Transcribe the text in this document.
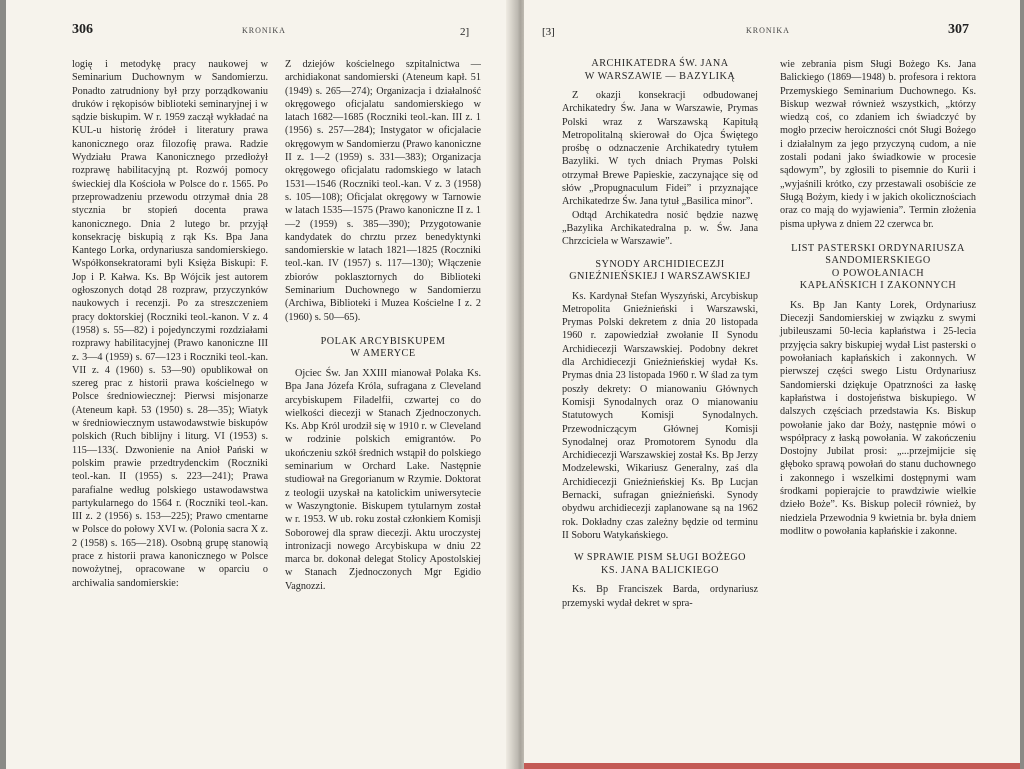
306	KRONIKA	2]

logię i metodykę pracy naukowej w Seminarium Duchownym w Sandomierzu. Ponadto zatrudniony był przy porządkowaniu druków i rękopisów biblioteki seminaryjnej i w sądzie biskupim. W r. 1959 zaczął wykładać na KUL-u historię źródeł i literatury prawa kanonicznego oraz filozofię prawa. Radzie Wydziału Prawa Kanonicznego przedłożył rozprawę habilitacyjną pt. Rozwój pomocy świeckiej dla Kościoła w Polsce do r. 1565. Po przeprowadzeniu przewodu otrzymał dnia 28 stycznia br stopień docenta prawa kanonicznego. Dnia 2 lutego br. przyjął konsekrację biskupią z rąk Ks. Bpa Jana Kantego Lorka, ordynariusza sandomierskiego. Współkonsekratorami byli Księża Biskupi: F. Jop i P. Kałwa. Ks. Bp Wójcik jest autorem ogłoszonych dotąd 28 rozpraw, przyczynków naukowych i recenzji. Po za streszczeniem pracy doktorskiej (Roczniki teol.-kanon. V z. 4 (1958) s. 55—82) i pojedynczymi rozdziałami rozprawy habilitacyjnej (Prawo kanoniczne III z. 3—4 (1959) s. 67—123 i Roczniki teol.-kan. VII z. 4 (1960) s. 53—90) opublikował on szereg prac z historii prawa kościelnego w Polsce średniowiecznej: Pierwsi misjonarze (Ateneum kapł. 53 (1950) s. 28—35); Wiatyk w średniowiecznym ustawodawstwie biskupów polskich (Ruch biblijny i liturg. VI (1953) s. 115—133(. Dzwonienie na Anioł Pański w polskim prawie przedtrydenckim (Roczniki teol.-kan. II (1955) s. 223—241); Prawa parafialne według polskiego ustawodawstwa partykularnego do 1564 r. (Roczniki teol.-kan. III z. 2 (1956) s. 153—225); Prawo cmentarne w Polsce do połowy XVI w. (Polonia sacra X z. 2 (1958) s. 165—218). Osobną grupę stanowią prace z historii prawa kanonicznego w Polsce nowożytnej, opracowane w oparciu o archiwalia sandomierskie:

Z dziejów kościelnego szpitalnictwa — archidiakonat sandomierski (Ateneum kapł. 51 (1949) s. 265—274); Organizacja i działalność okręgowego oficjalatu sandomierskiego w latach 1682—1685 (Roczniki teol.-kan. III z. 1 (1956) s. 257—284); Instygator w oficjalacie okręgowym w Sandomierzu (Prawo kanoniczne II z. 1—2 (1959) s. 331—383); Organizacja okręgowego oficjalatu radomskiego w latach 1531—1546 (Roczniki teol.-kan. V z. 3 (1958) s. 105—108); Oficjalat okręgowy w Tarnowie w latach 1535—1575 (Prawo kanoniczne II z. 1—2 (1959) s. 385—390); Przygotowanie kandydatek do chrztu przez benedyktynki sandomierskie w latach 1821—1825 (Roczniki teol.-kan. IV (1957) s. 117—130); Włączenie zbiorów poklasztornych do Biblioteki Seminarium Duchownego w Sandomierzu (Archiwa, Biblioteki i Muzea Kościelne I z. 2 (1960) s. 50—65).

POLAK ARCYBISKUPEM
W AMERYCE

Ojciec Św. Jan XXIII mianował Polaka Ks. Bpa Jana Józefa Króla, sufragana z Cleveland arcybiskupem Filadelfii, czwartej co do wielkości diecezji w Stanach Zjednoczonych. Ks. Abp Król urodził się w 1910 r. w Cleveland w rodzinie polskich emigrantów. Po ukończeniu szkół średnich wstąpił do polskiego seminarium w Orchard Lake. Następnie studiował na Gregorianum w Rzymie. Doktorat z teologii uzyskał na katolickim uniwersytecie w Waszyngtonie. Biskupem tytularnym został w r. 1953. W ub. roku został członkiem Komisji Soborowej dla spraw diecezji. Aktu uroczystej intronizacji nowego Arcybiskupa w dniu 22 marca br. dokonał delegat Stolicy Apostolskiej w Stanach Zjednoczonych Mgr Egidio Vagnozzi.

[3]	KRONIKA	307
ARCHIKATEDRA ŚW. JANA
W WARSZAWIE — BAZYLIKĄ

Z okazji konsekracji odbudowanej Archikatedry Św. Jana w Warszawie, Prymas Polski wraz z Warszawską Kapitułą Metropolitalną skierował do Ojca Świętego prośbę o odznaczenie Archikatedry tytułem Bazyliki. W tych dniach Prymas Polski otrzymał Brewe Papieskie, zaczynające się od słów „Propugnaculum Fidei” i przyznające Archikatedrze Św. Jana tytuł „Basilica minor”.

Odtąd Archikatedra nosić będzie nazwę „Bazylika Archikatedralna p. w. Św. Jana Chrzciciela w Warszawie”.

SYNODY ARCHIDIECEZJI
GNIEŹNIEŃSKIEJ I WARSZAWSKIEJ

Ks. Kardynał Stefan Wyszyński, Arcybiskup Metropolita Gnieźnieński i Warszawski, Prymas Polski dekretem z dnia 20 listopada 1960 r. zapowiedział zwołanie II Synodu Archidiecezji Warszawskiej. Podobny dekret dla Archidiecezji Gnieźnieńskiej wydał Ks. Prymas dnia 23 listopada 1960 r. W ślad za tym poszły dekrety: O mianowaniu Głównych Komisji Synodalnych oraz O mianowaniu Statutowych Komisji Synodalnych. Przewodniczącym Głównej Komisji Synodalnej oraz Promotorem Synodu dla Archidiecezji Warszawskiej został Ks. Bp Jerzy Modzelewski, Wikariusz Generalny, zaś dla Archidiecezji Gnieźnieńskiej Ks. Bp Lucjan Bernacki, sufragan gnieźnieński. Synody obydwu archidiecezji zaplanowane są na 1962 rok. Dokładny czas zależny będzie od terminu II Soboru Watykańskiego.

W SPRAWIE PISM SŁUGI BOŻEGO
KS. JANA BALICKIEGO

Ks. Bp Franciszek Barda, ordynariusz przemyski wydał dekret w spra-

wie zebrania pism Sługi Bożego Ks. Jana Balickiego (1869—1948) b. profesora i rektora Przemyskiego Seminarium Duchownego. Ks. Biskup wezwał również wszystkich, „którzy wiedzą coś, co zdaniem ich świadczyć by mogło przeciw heroiczności cnót Sługi Bożego i działalnym za jego przyczyną cudom, a nie zostali podani jako świadkowie w procesie sądowym”, by zgłosili to pisemnie do Kurii i „wyjaśnili krótko, czy przestawali osobiście ze Sługą Bożym, kiedy i w jakich okolicznościach oraz co mają do wyjawienia”. Termin złożenia pisma upływa z dniem 22 czerwca br.

LIST PASTERSKI ORDYNARIUSZA
SANDOMIERSKIEGO
O POWOŁANIACH
KAPŁAŃSKICH I ZAKONNYCH

Ks. Bp Jan Kanty Lorek, Ordynariusz Diecezji Sandomierskiej w związku z swymi jubileuszami 50-lecia kapłaństwa i 25-lecia przyjęcia sakry biskupiej wydał List pasterski o powołaniach kapłańskich i zakonnych. W pierwszej części swego Listu Ordynariusz Sandomierski dziękuje Opatrzności za łaskę kapłaństwa i dostojeństwa biskupiego. W dalszych częściach przedstawia Ks. Biskup powołanie jako dar Boży, następnie mówi o współpracy z łaską powołania. W zakończeniu Dostojny Jubilat prosi: „...przejmijcie się głęboko sprawą powołań do stanu duchownego i zakonnego i wszelkimi dostępnymi wam środkami popierajcie to prawdziwie wielkie dzieło Boże”. Ks. Biskup polecił również, by niedziela Przewodnia 9 kwietnia br. była dniem modlitw o powołania kapłańskie i zakonne.
